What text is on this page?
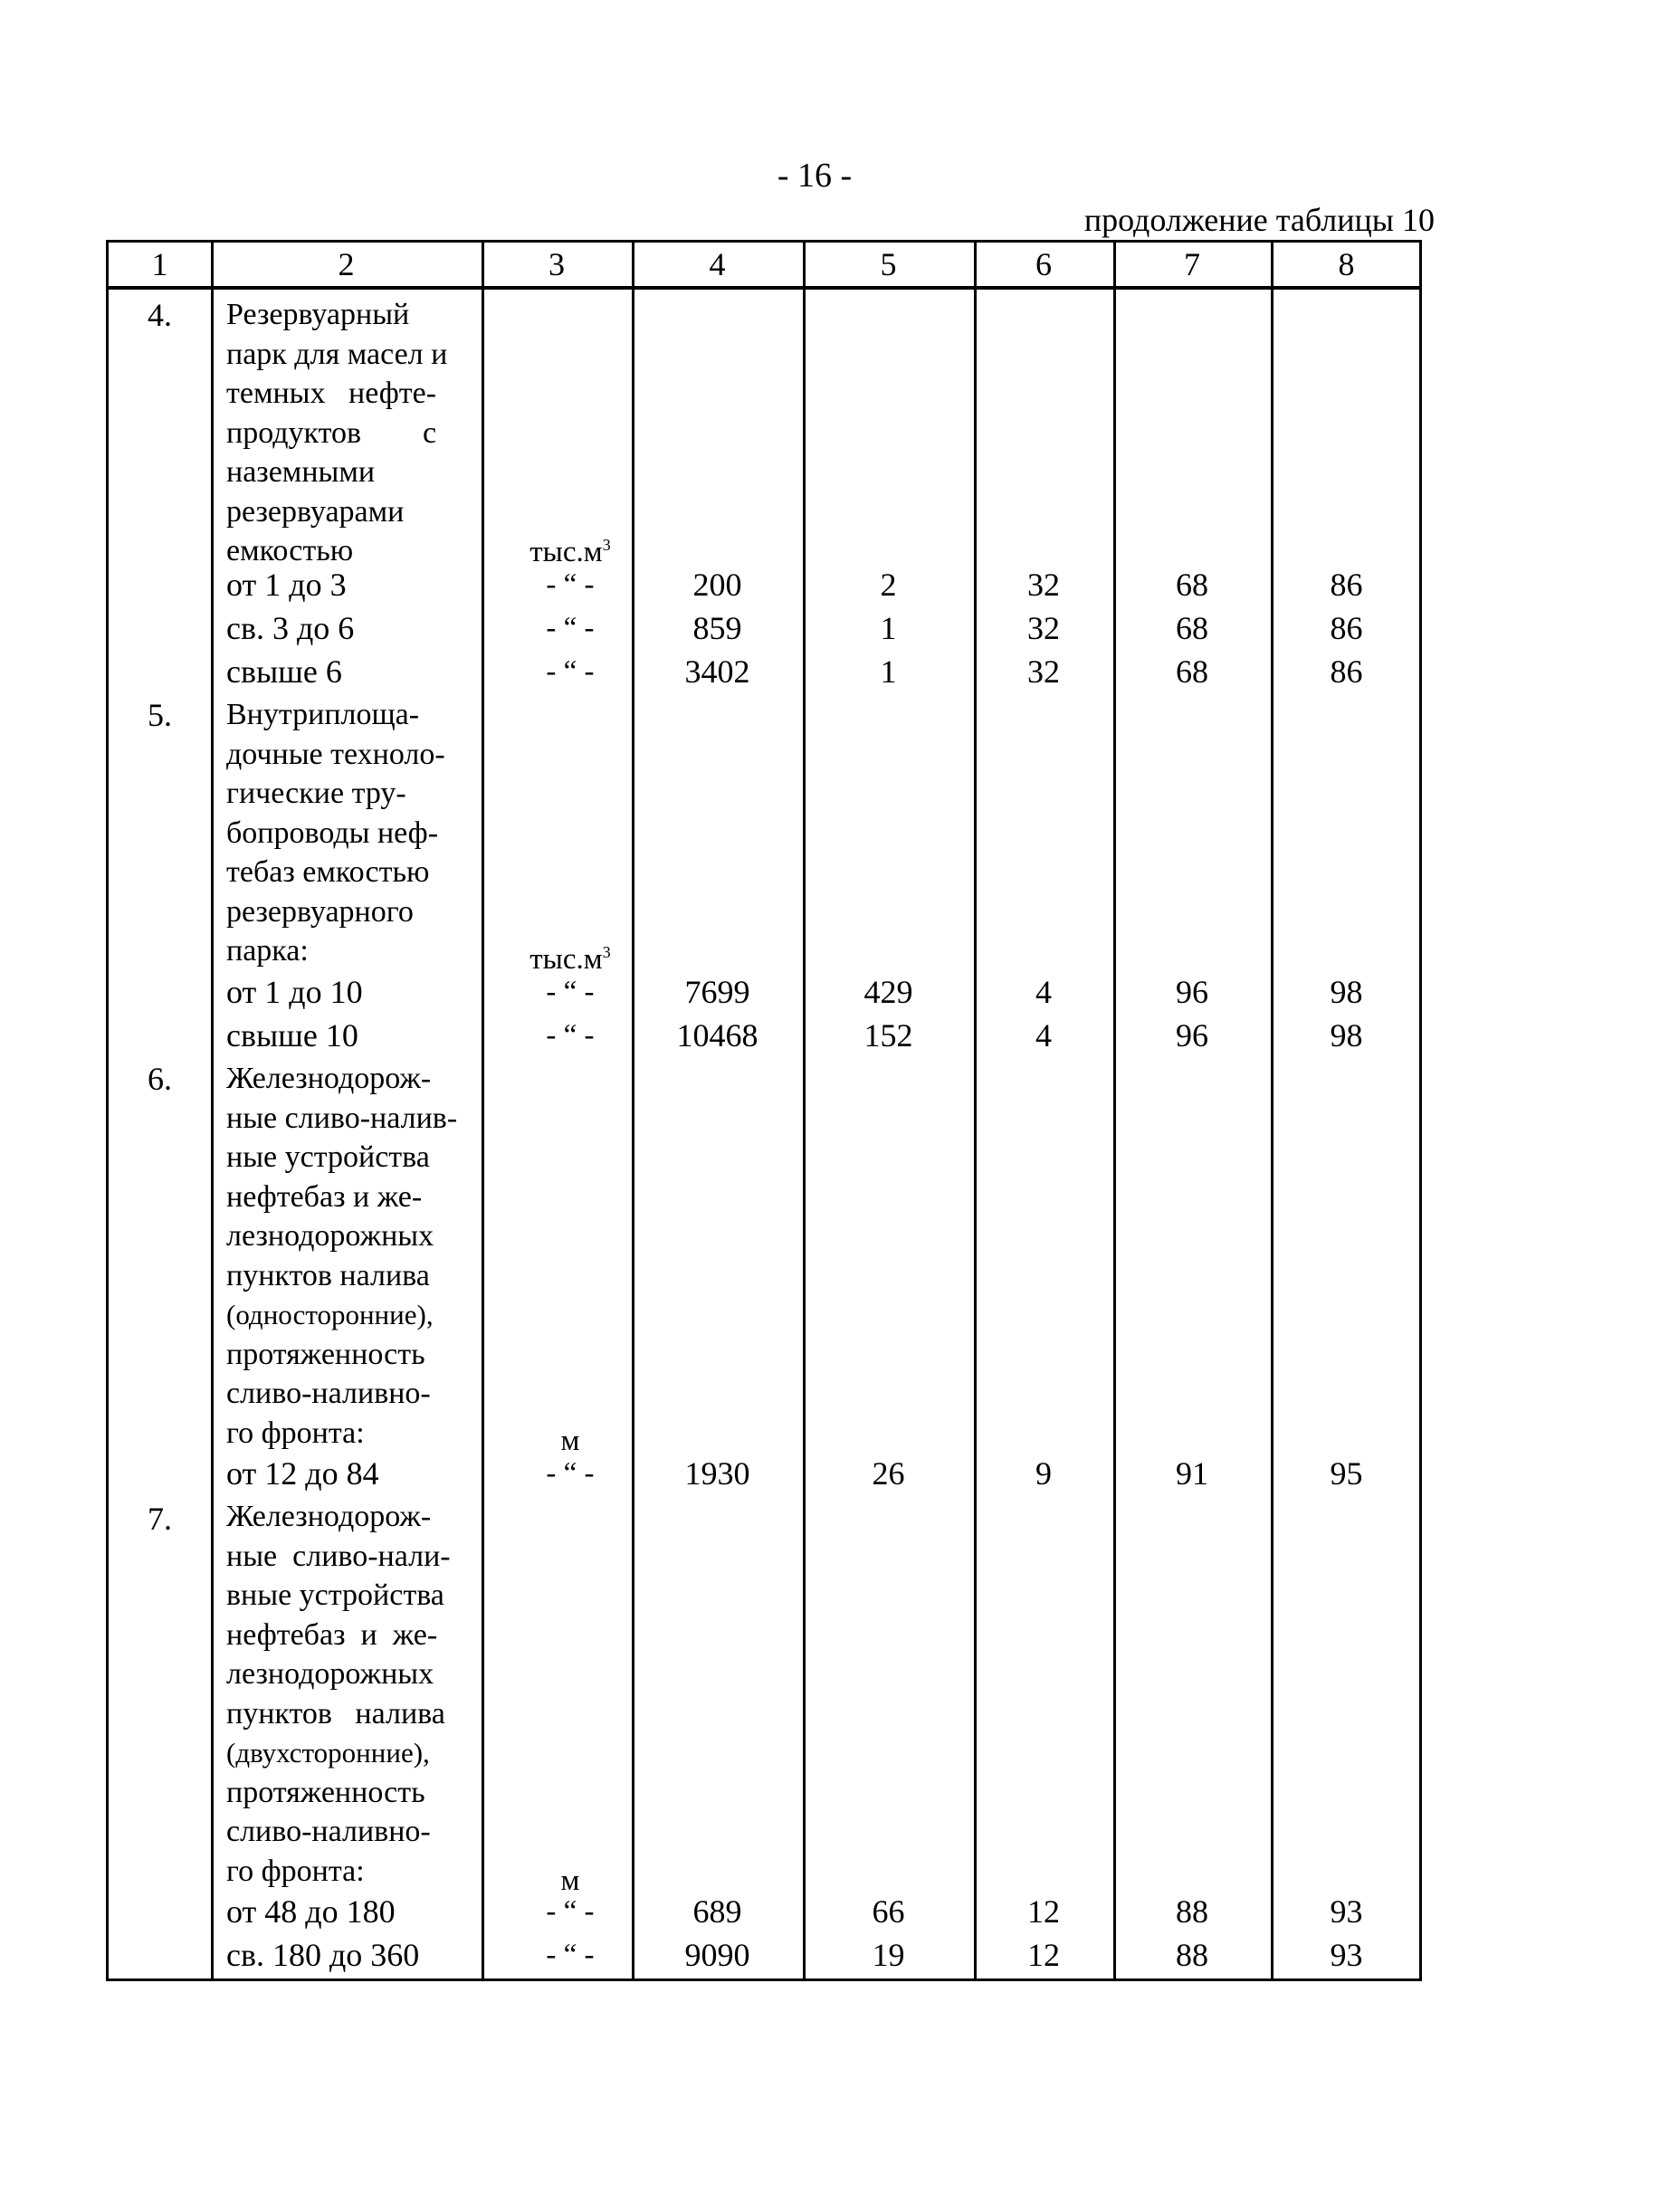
- 16 -
продолжение таблицы 10
1	2	3	4	5	6	7	8
4.	Резервуарный
парк для масел и
темных   нефте-
продуктов        с
наземными
резервуарами
емкостью	$тыс.м^3$
от 1 до 3	- “ -	200	2	32	68	86
св. 3 до 6	- “ -	859	1	32	68	86
свыше 6	- “ -	3402	1	32	68	86
5.	Внутриплоща-
дочные техноло-
гические тру-
бопроводы неф-
тебаз емкостью
резервуарного
парка:	$тыс.м^3$
от 1 до 10	- “ -	7699	429	4	96	98
свыше 10	- “ -	10468	152	4	96	98
6.	Железнодорож-
ные сливо-налив-
ные устройства
нефтебаз и же-
лезнодорожных
пунктов налива
(односторонние),
протяженность
сливо-наливно-
го фронта:	м
от 12 до 84	- “ -	1930	26	9	91	95
7.	Железнодорож-
ные  сливо-нали-
вные устройства
нефтебаз  и  же-
лезнодорожных
пунктов   налива
(двухсторонние),
протяженность
сливо-наливно-
го фронта:	м
от 48 до 180	- “ -	689	66	12	88	93
св. 180 до 360	- “ -	9090	19	12	88	93
